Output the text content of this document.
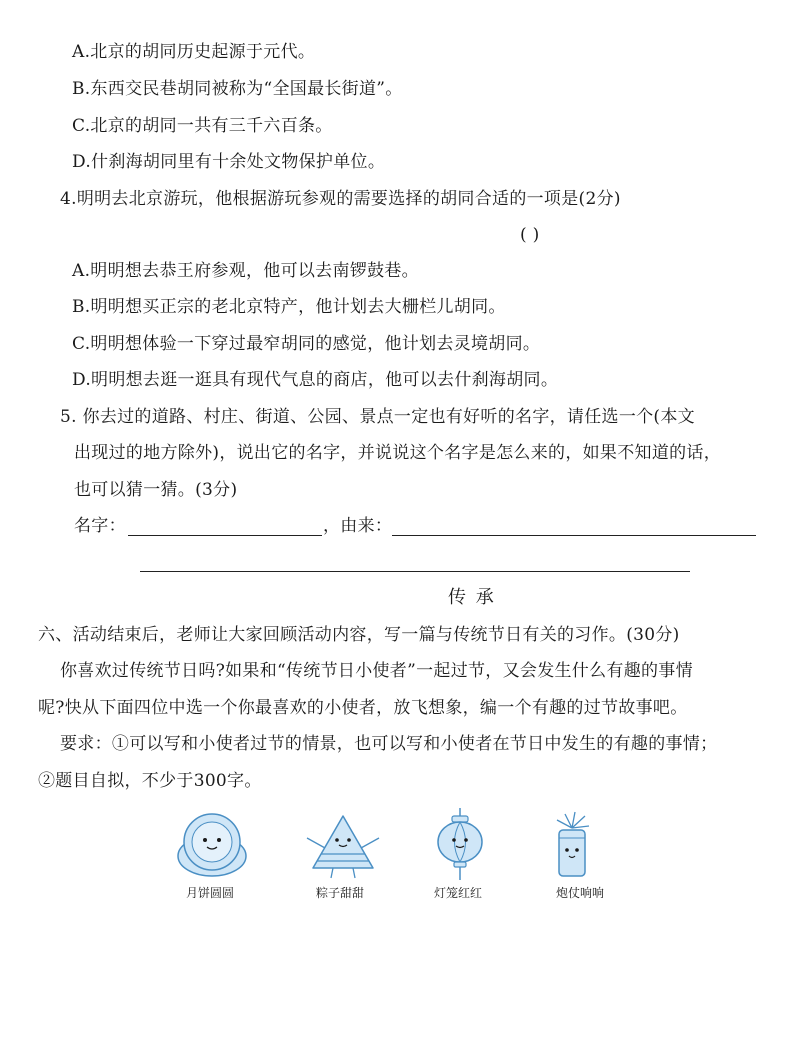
A.北京的胡同历史起源于元代。
B.东西交民巷胡同被称为“全国最长街道”。
C.北京的胡同一共有三千六百条。
D.什刹海胡同里有十余处文物保护单位。
4.明明去北京游玩，他根据游玩参观的需要选择的胡同合适的一项是(2分)
( )
A.明明想去恭王府参观，他可以去南锣鼓巷。
B.明明想买正宗的老北京特产，他计划去大栅栏儿胡同。
C.明明想体验一下穿过最窄胡同的感觉，他计划去灵境胡同。
D.明明想去逛一逛具有现代气息的商店，他可以去什刹海胡同。
5. 你去过的道路、村庄、街道、公园、景点一定也有好听的名字，请任选一个(本文
出现过的地方除外)，说出它的名字，并说说这个名字是怎么来的，如果不知道的话，
也可以猜一猜。(3分)
名字：	，由来：
传 承
六、活动结束后，老师让大家回顾活动内容，写一篇与传统节日有关的习作。(30分)
你喜欢过传统节日吗?如果和“传统节日小使者”一起过节，又会发生什么有趣的事情
呢?快从下面四位中选一个你最喜欢的小使者，放飞想象，编一个有趣的过节故事吧。
要求：①可以写和小使者过节的情景，也可以写和小使者在节日中发生的有趣的事情；
②题目自拟，不少于300字。
月饼圆圆	粽子甜甜	灯笼红红	炮仗响响
